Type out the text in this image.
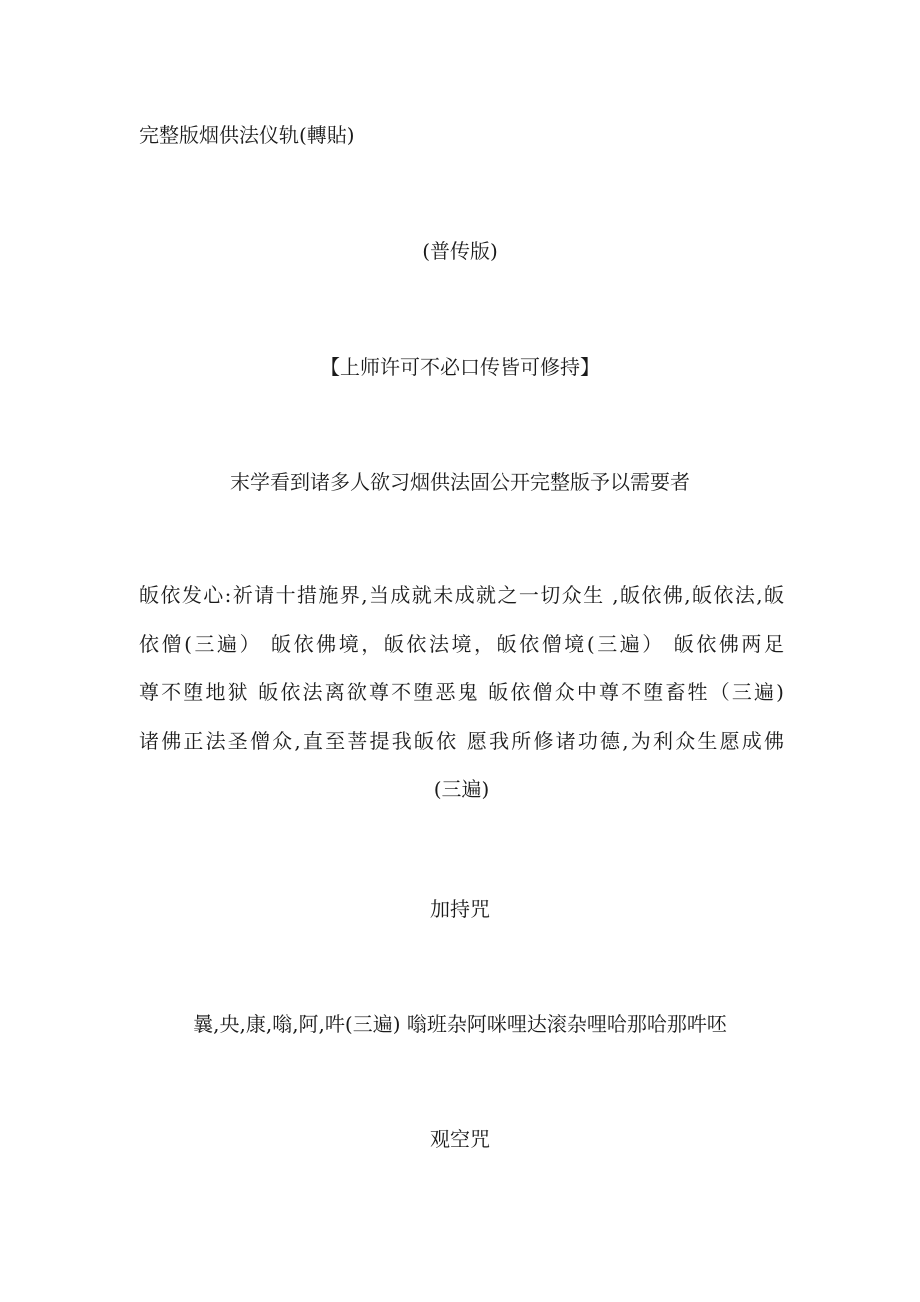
完整版烟供法仪轨(轉貼)
(普传版)
【上师许可不必口传皆可修持】
末学看到诸多人欲习烟供法固公开完整版予以需要者
皈依发心:祈请十措施界,当成就未成就之一切众生 ,皈依佛,皈依法,皈
依僧(三遍） 皈依佛境，皈依法境，皈依僧境(三遍） 皈依佛两足
尊不堕地狱 皈依法离欲尊不堕恶鬼 皈依僧众中尊不堕畜牲（三遍)
诸佛正法圣僧众,直至菩提我皈依 愿我所修诸功德,为利众生愿成佛
(三遍)
加持咒
曩,央,康,嗡,阿,吽(三遍) 嗡班杂阿咪哩达滚杂哩哈那哈那吽呸
观空咒
